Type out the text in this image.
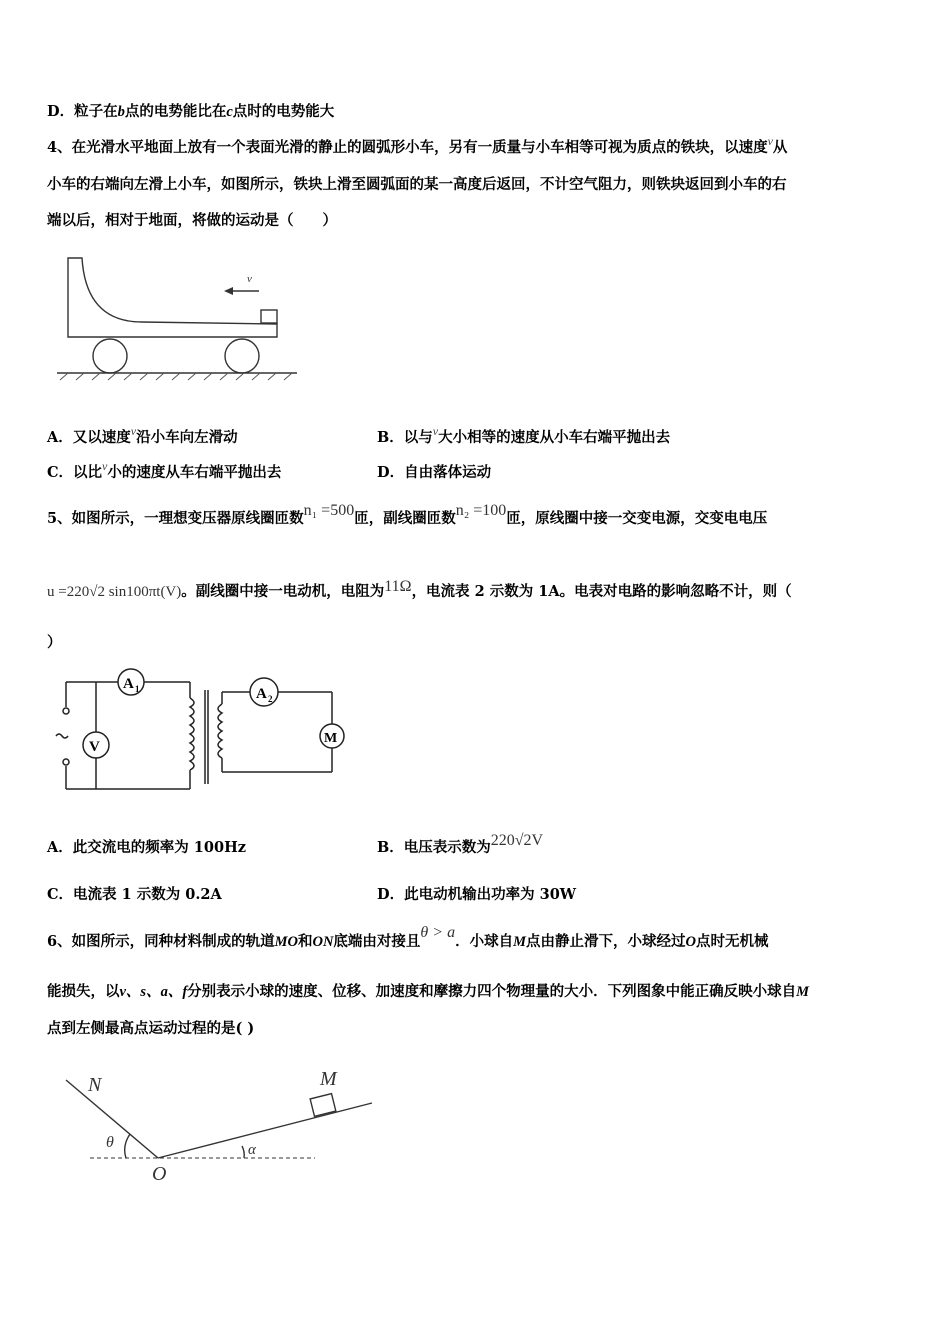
D．粒子在b点的电势能比在c点时的电势能大
4、在光滑水平地面上放有一个表面光滑的静止的圆弧形小车，另有一质量与小车相等可视为质点的铁块，以速度$^v$从
小车的右端向左滑上小车，如图所示，铁块上滑至圆弧面的某一高度后返回，不计空气阻力，则铁块返回到小车的右
端以后，相对于地面，将做的运动是（　　）
v
A．又以速度$^v$沿小车向左滑动	B．以与$^v$大小相等的速度从小车右端平抛出去
C．以比$^v$小的速度从车右端平抛出去	D．自由落体运动
5、如图所示，一理想变压器原线圈匝数n₁ =500匝，副线圈匝数n₂ =100匝，原线圈中接一交变电源，交变电电压
u =220√2 sin100πt(V)。副线圈中接一电动机，电阻为11Ω，电流表 2 示数为 1A。电表对电路的影响忽略不计，则（
）
A 1	A 2
V
M
A．此交流电的频率为 100Hz	B．电压表示数为220√2V
C．电流表 1 示数为 0.2A	D．此电动机输出功率为 30W
6、如图所示，同种材料制成的轨道MO和ON底端由对接且θ > a．小球自M点由静止滑下，小球经过O点时无机械
能损失，以v、s、a、f分别表示小球的速度、位移、加速度和摩擦力四个物理量的大小．下列图象中能正确反映小球自M
点到左侧最高点运动过程的是( )
N	M
O
θ	α
